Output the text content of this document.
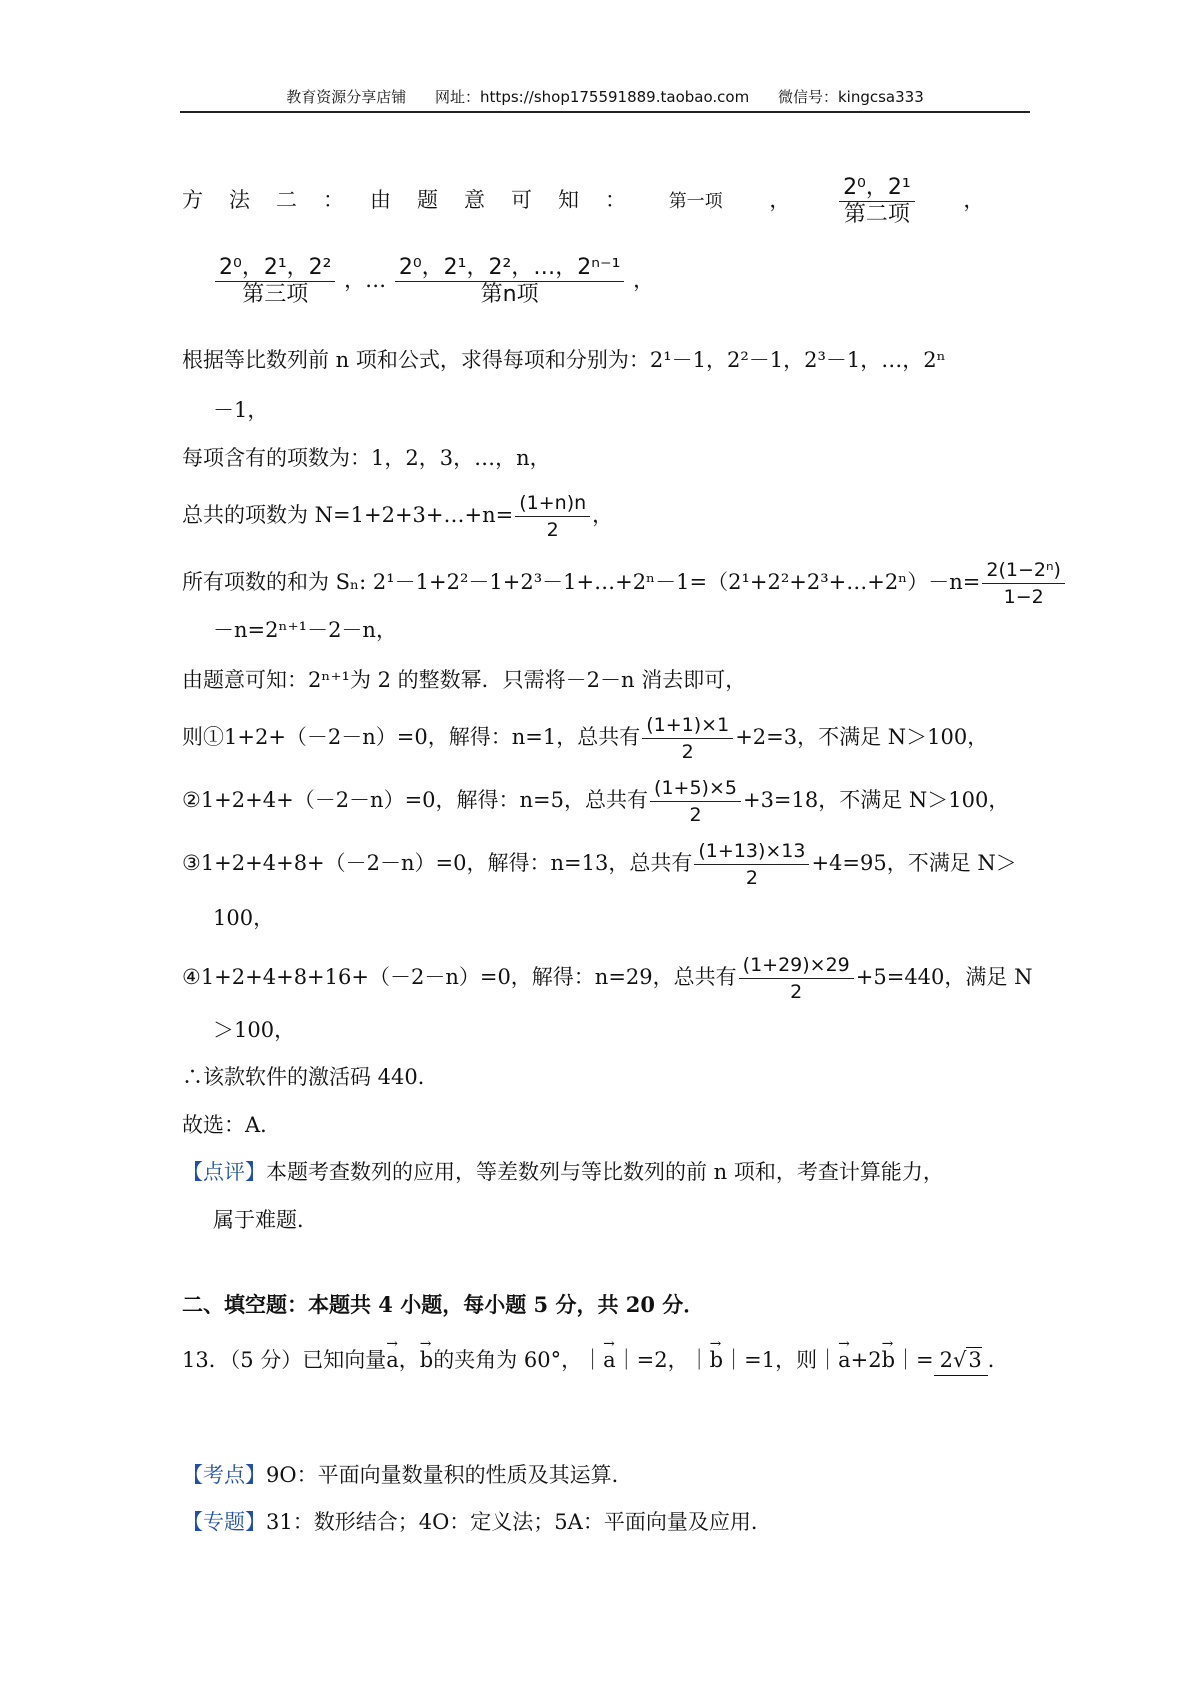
教育资源分享店铺 网址：https://shop175591889.taobao.com 微信号：kingcsa333
方法二：由题意可知： 第一项 ， $\frac{\text{2⁰，2¹}}{\text{第二项}}$ ，
$\frac{\text{2⁰，2¹，2²}}{\text{第三项}}$ ，… $\frac{\text{2⁰，2¹，2²，…，2ⁿ⁻¹}}{\text{第n项}}$ ，
根据等比数列前 n 项和公式，求得每项和分别为：2¹－1，2²－1，2³－1，…，2ⁿ
－1，
每项含有的项数为：1，2，3，…，n，
总共的项数为 N=1+2+3+…+n= $\frac{(1+n)n}{2}$ ，
所有项数的和为 Sₙ: 2¹－1+2²－1+2³－1+…+2ⁿ－1=（2¹+2²+2³+…+2ⁿ）－n= $\frac{\text{2(1−2ⁿ)}}{1-2}$
－n=2ⁿ⁺¹－2－n，
由题意可知：2ⁿ⁺¹为 2 的整数幂．只需将－2－n 消去即可，
则①1+2+（－2－n）=0，解得：n=1，总共有 $\frac{(1+1)\times 1}{2} +2=3$，不满足 N＞100，
②1+2+4+（－2－n）=0，解得：n=5，总共有 $\frac{(1+5)\times 5}{2} +3=18$，不满足 N＞100，
③1+2+4+8+（－2－n）=0，解得：n=13，总共有 $\frac{(1+13)\times 13}{2} +4=95$，不满足 N＞
100，
④1+2+4+8+16+（－2－n）=0，解得：n=29，总共有 $\frac{(1+29)\times 29}{2} +5=440$，满足 N
＞100，
∴该款软件的激活码 440．
故选：A．
【点评】本题考查数列的应用，等差数列与等比数列的前 n 项和，考查计算能力，
属于难题．
二、填空题：本题共 4 小题，每小题 5 分，共 20 分．
13．（5 分）已知向量→ a，→ b的夹角为 60°，｜→ a｜=2，｜→ b｜=1，则｜→ a+2→ b｜= 2√3 ．
【考点】9O：平面向量数量积的性质及其运算．
【专题】31：数形结合；4O：定义法；5A：平面向量及应用．
